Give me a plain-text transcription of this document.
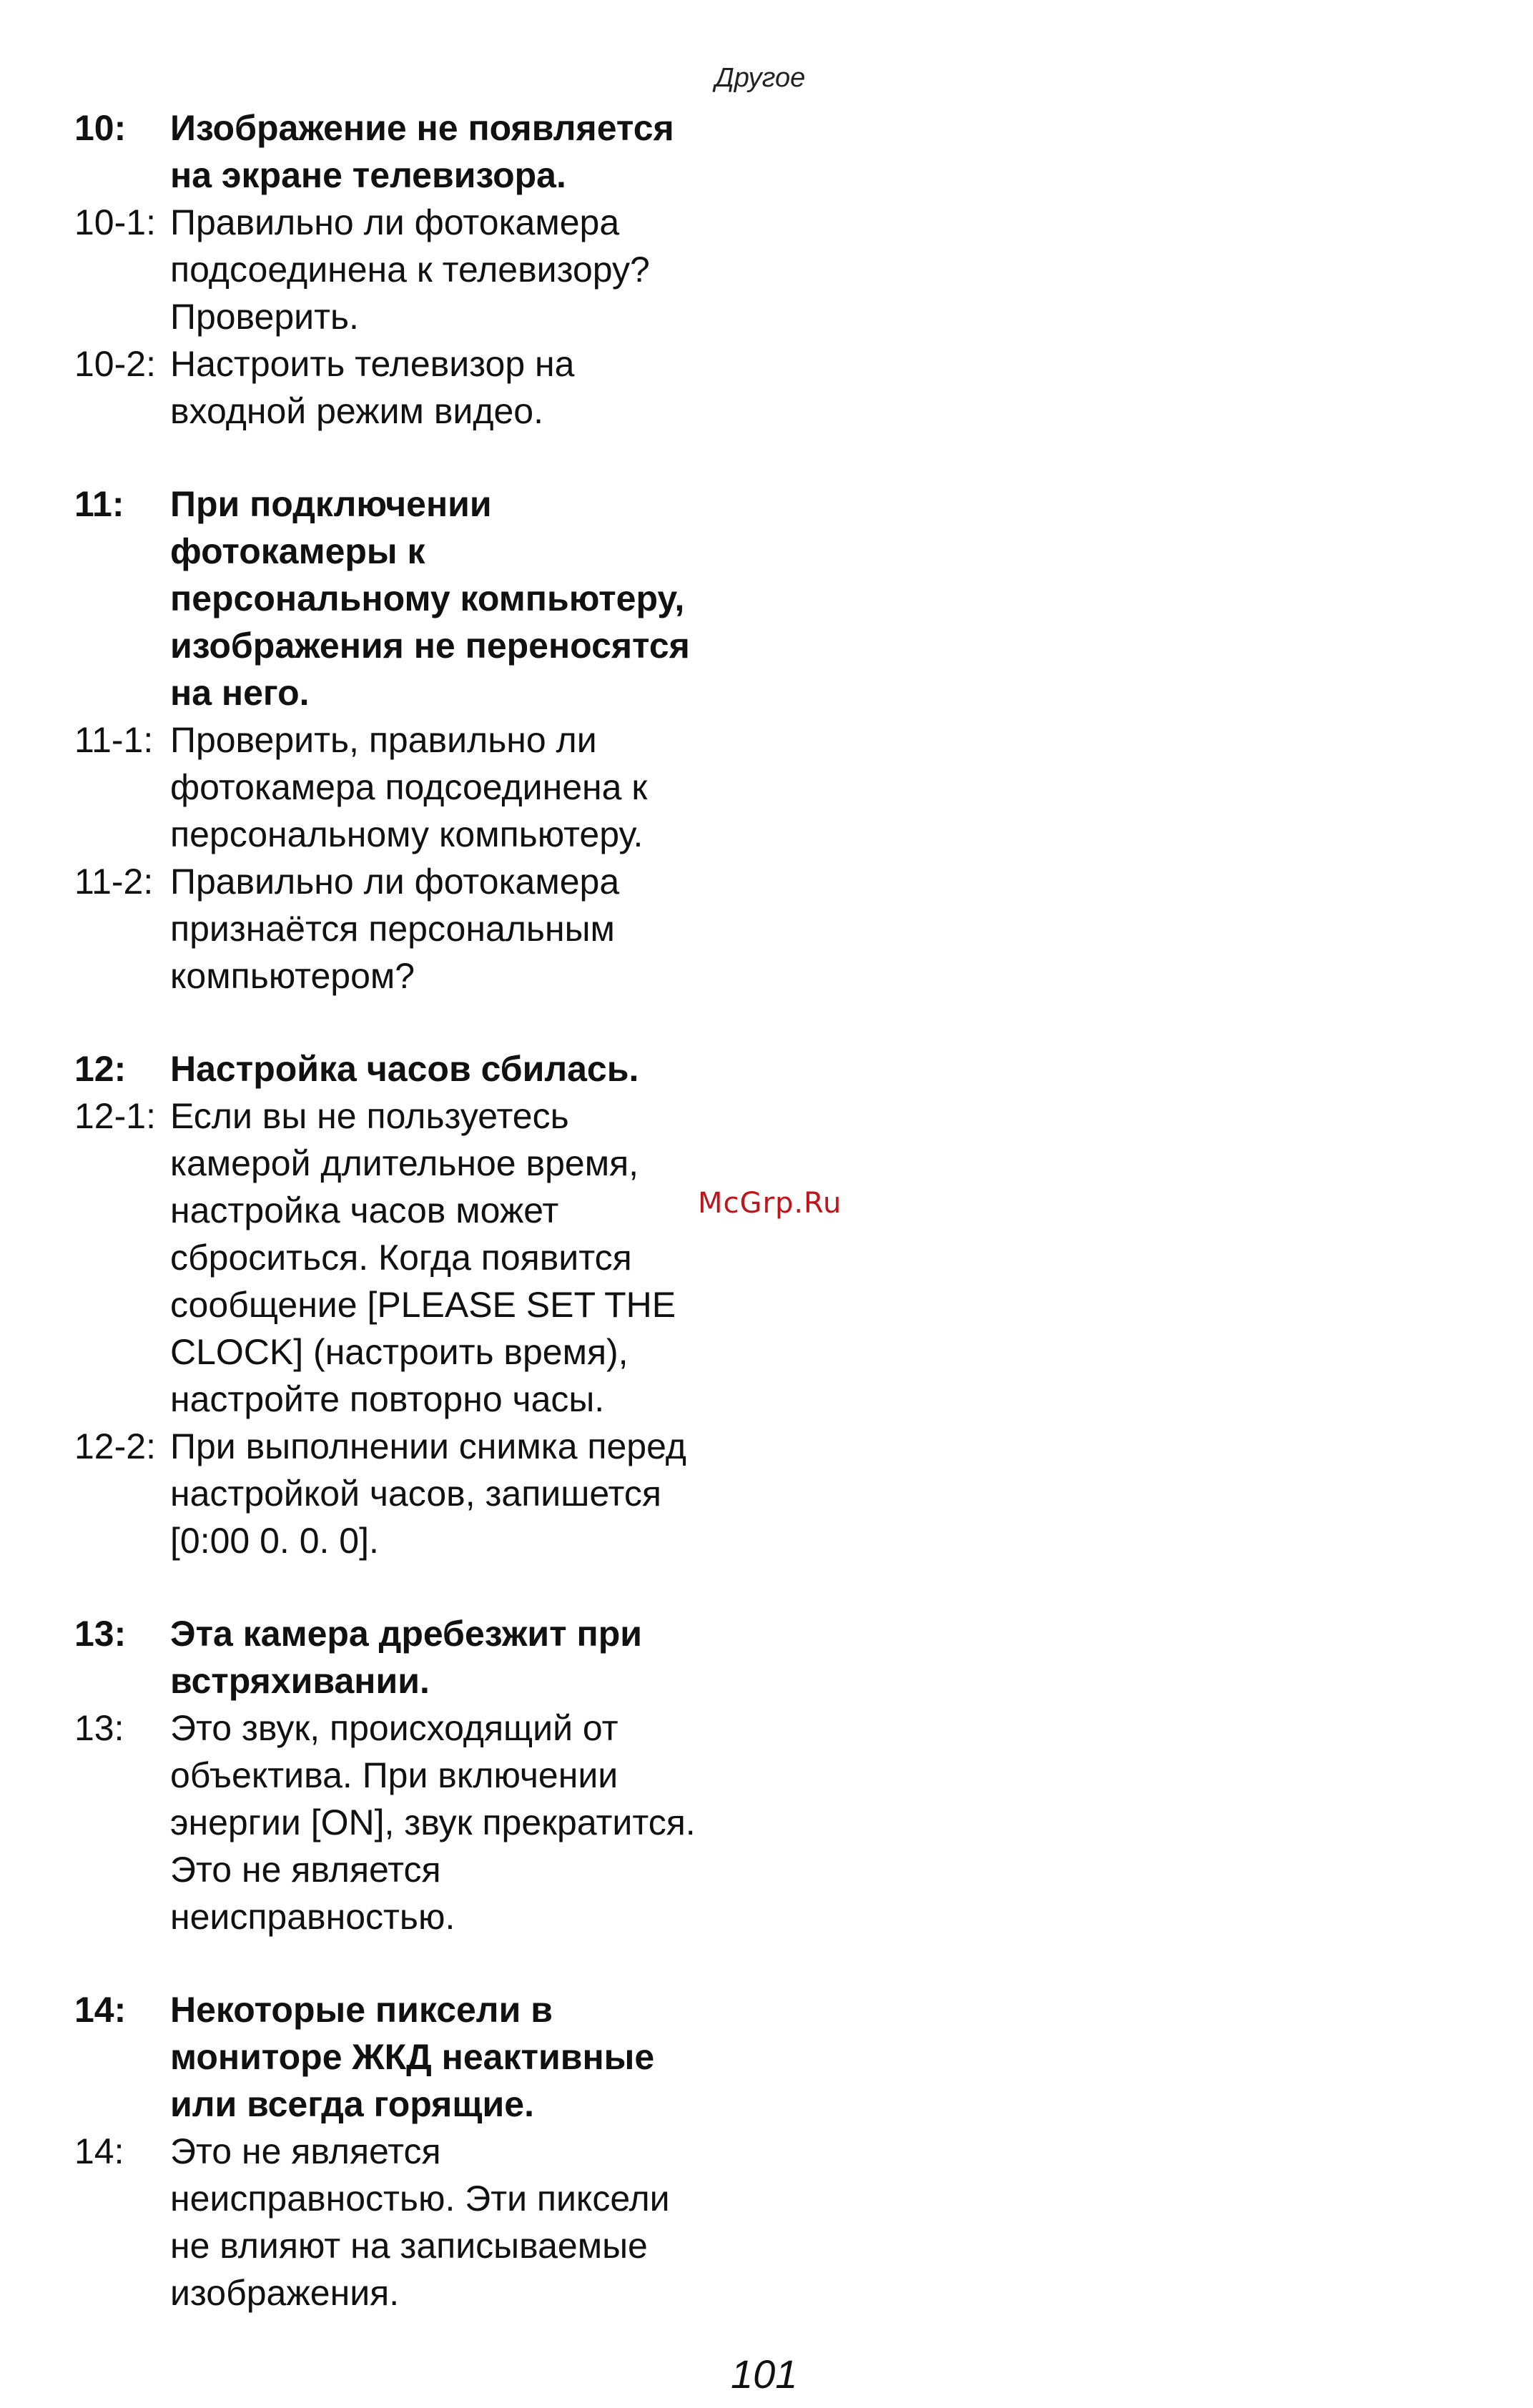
Другое
McGrp.Ru
10:	Изображение не появляется
на экране телевизора.
10-1: Правильно ли фотокамера
подсоединена к телевизору?
Проверить.
10-2: Настроить телевизор на
входной режим видео.
11:	При подключении
фотокамеры к
персональному компьютеру,
изображения не переносятся
на него.
11-1: Проверить, правильно ли
фотокамера подсоединена к
персональному компьютеру.
11-2: Правильно ли фотокамера
признаётся персональным
компьютером?
12:	Настройка часов сбилась.
12-1: Если вы не пользуетесь
камерой длительное время,
настройка часов может
сброситься. Когда появится
сообщение [PLEASE SET THE
CLOCK] (настроить время),
настройте повторно часы.
12-2: При выполнении снимка перед
настройкой часов, запишется
[0:00 0. 0. 0].
13:	Эта камера дребезжит при
встряхивании.
13:	Это звук, происходящий от
объектива. При включении
энергии [ON], звук прекратится.
Это не является
неисправностью.
14:	Некоторые пиксели в
мониторе ЖКД неактивные
или всегда горящие.
14:	Это не является
неисправностью. Эти пиксели
не влияют на записываемые
изображения.
101
